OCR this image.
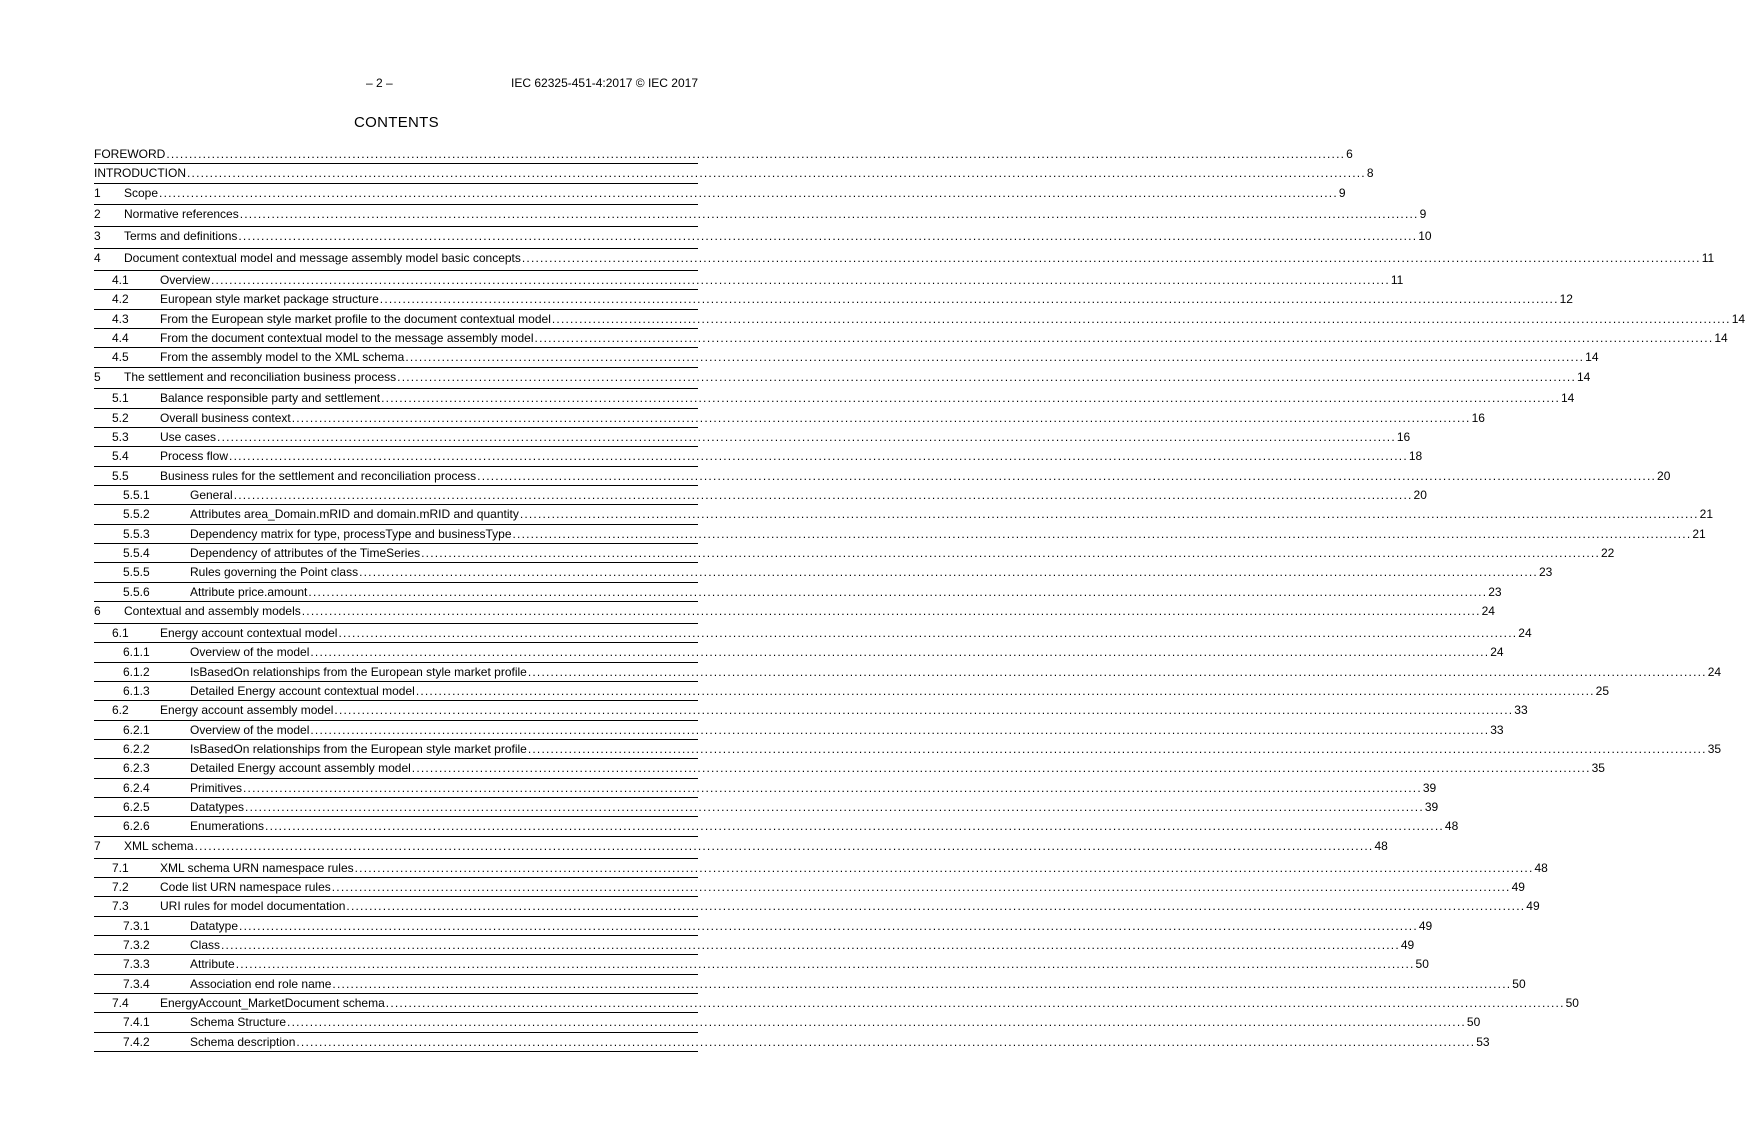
– 2 –	IEC 62325-451-4:2017 © IEC 2017
CONTENTS
FOREWORD .................................................................................................................................................................................................................................................................... 6
INTRODUCTION .................................................................................................................................................................................................................................................................... 8
1 Scope .................................................................................................................................................................................................................................................................... 9
2 Normative references .................................................................................................................................................................................................................................................................... 9
3 Terms and definitions .................................................................................................................................................................................................................................................................... 10
4 Document contextual model and message assembly model basic concepts .................................................................................................................................................................................................................................................................... 11
4.1	Overview .................................................................................................................................................................................................................................................................... 11
4.2	European style market package structure .................................................................................................................................................................................................................................................................... 12
4.3	From the European style market profile to the document contextual model .................................................................................................................................................................................................................................................................... 14
4.4	From the document contextual model to the message assembly model .................................................................................................................................................................................................................................................................... 14
4.5	From the assembly model to the XML schema .................................................................................................................................................................................................................................................................... 14
5 The settlement and reconciliation business process .................................................................................................................................................................................................................................................................... 14
5.1	Balance responsible party and settlement .................................................................................................................................................................................................................................................................... 14
5.2	Overall business context .................................................................................................................................................................................................................................................................... 16
5.3	Use cases .................................................................................................................................................................................................................................................................... 16
5.4	Process flow .................................................................................................................................................................................................................................................................... 18
5.5	Business rules for the settlement and reconciliation process .................................................................................................................................................................................................................................................................... 20
5.5.1	General .................................................................................................................................................................................................................................................................... 20
5.5.2	Attributes area_Domain.mRID and domain.mRID and quantity .................................................................................................................................................................................................................................................................... 21
5.5.3	Dependency matrix for type, processType and businessType .................................................................................................................................................................................................................................................................... 21
5.5.4	Dependency of attributes of the TimeSeries .................................................................................................................................................................................................................................................................... 22
5.5.5	Rules governing the Point class .................................................................................................................................................................................................................................................................... 23
5.5.6	Attribute price.amount .................................................................................................................................................................................................................................................................... 23
6 Contextual and assembly models .................................................................................................................................................................................................................................................................... 24
6.1	Energy account contextual model .................................................................................................................................................................................................................................................................... 24
6.1.1	Overview of the model .................................................................................................................................................................................................................................................................... 24
6.1.2	IsBasedOn relationships from the European style market profile .................................................................................................................................................................................................................................................................... 24
6.1.3	Detailed Energy account contextual model .................................................................................................................................................................................................................................................................... 25
6.2	Energy account assembly model .................................................................................................................................................................................................................................................................... 33
6.2.1	Overview of the model .................................................................................................................................................................................................................................................................... 33
6.2.2	IsBasedOn relationships from the European style market profile .................................................................................................................................................................................................................................................................... 35
6.2.3	Detailed Energy account assembly model .................................................................................................................................................................................................................................................................... 35
6.2.4	Primitives .................................................................................................................................................................................................................................................................... 39
6.2.5	Datatypes .................................................................................................................................................................................................................................................................... 39
6.2.6	Enumerations .................................................................................................................................................................................................................................................................... 48
7 XML schema .................................................................................................................................................................................................................................................................... 48
7.1	XML schema URN namespace rules .................................................................................................................................................................................................................................................................... 48
7.2	Code list URN namespace rules .................................................................................................................................................................................................................................................................... 49
7.3	URI rules for model documentation .................................................................................................................................................................................................................................................................... 49
7.3.1	Datatype .................................................................................................................................................................................................................................................................... 49
7.3.2	Class .................................................................................................................................................................................................................................................................... 49
7.3.3	Attribute .................................................................................................................................................................................................................................................................... 50
7.3.4	Association end role name .................................................................................................................................................................................................................................................................... 50
7.4	EnergyAccount_MarketDocument schema .................................................................................................................................................................................................................................................................... 50
7.4.1	Schema Structure .................................................................................................................................................................................................................................................................... 50
7.4.2	Schema description .................................................................................................................................................................................................................................................................... 53
